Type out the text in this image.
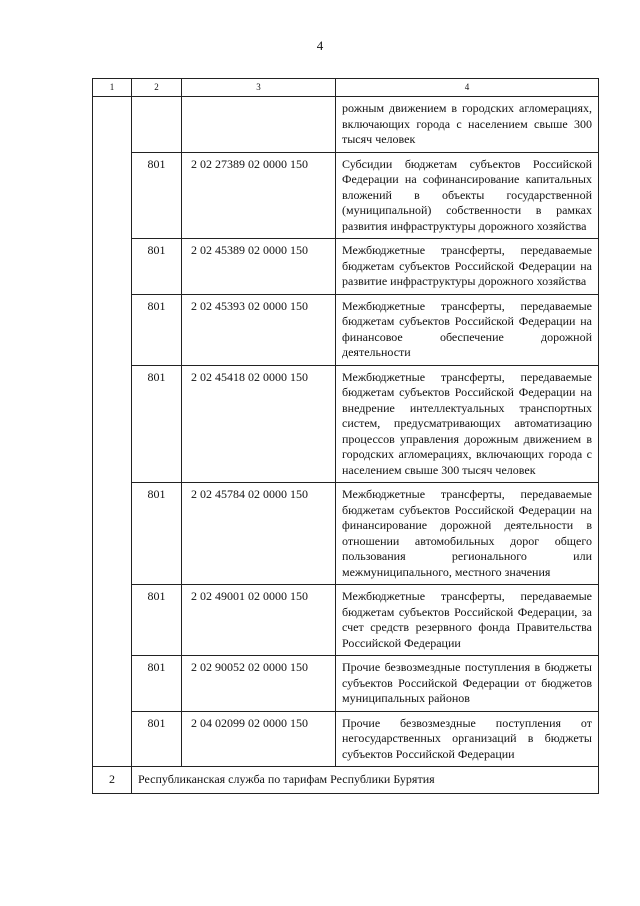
4
1	2	3	4
			рожным движением в городских агломерациях, включающих города с населением свыше 300 тысяч человек
	801	2 02 27389 02 0000 150	Субсидии бюджетам субъектов Российской Федерации на софинансирование капитальных вложений в объекты государственной (муниципальной) собственности в рамках развития инфраструктуры дорожного хозяйства
	801	2 02 45389 02 0000 150	Межбюджетные трансферты, передаваемые бюджетам субъектов Российской Федерации на развитие инфраструктуры дорожного хозяйства
	801	2 02 45393 02 0000 150	Межбюджетные трансферты, передаваемые бюджетам субъектов Российской Федерации на финансовое обеспечение дорожной деятельности
	801	2 02 45418 02 0000 150	Межбюджетные трансферты, передаваемые бюджетам субъектов Российской Федерации на внедрение интеллектуальных транспортных систем, предусматривающих автоматизацию процессов управления дорожным движением в городских агломерациях, включающих города с населением свыше 300 тысяч человек
	801	2 02 45784 02 0000 150	Межбюджетные трансферты, передаваемые бюджетам субъектов Российской Федерации на финансирование дорожной деятельности в отношении автомобильных дорог общего пользования регионального или межмуниципального, местного значения
	801	2 02 49001 02 0000 150	Межбюджетные трансферты, передаваемые бюджетам субъектов Российской Федерации, за счет средств резервного фонда Правительства Российской Федерации
	801	2 02 90052 02 0000 150	Прочие безвозмездные поступления в бюджеты субъектов Российской Федерации от бюджетов муниципальных районов
	801	2 04 02099 02 0000 150	Прочие безвозмездные поступления от негосударственных организаций в бюджеты субъектов Российской Федерации
2	Республиканская служба по тарифам Республики Бурятия		
